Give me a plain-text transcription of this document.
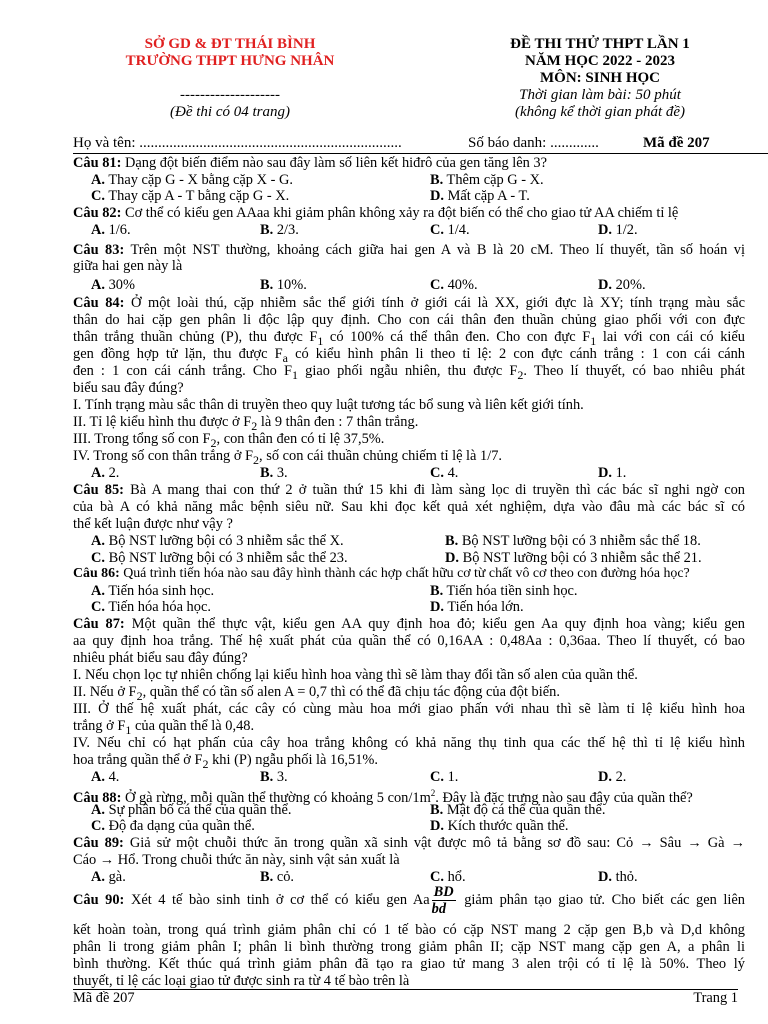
SỞ GD & ĐT THÁI BÌNH
TRƯỜNG THPT HƯNG NHÂN
--------------------
(Đề thi có 04 trang)
ĐỀ THI THỬ THPT LẦN 1
NĂM HỌC 2022 - 2023
MÔN: SINH HỌC
Thời gian làm bài: 50 phút
(không kể thời gian phát đề)
Họ và tên: ......................................................................	Số báo danh: .............	Mã đề 207
Câu 81: Dạng đột biến điểm nào sau đây làm số liên kết hiđrô của gen tăng lên 3?
A. Thay cặp G - X bằng cặp X - G.	B. Thêm cặp G - X.
C. Thay cặp A - T bằng cặp G - X.	D. Mất cặp A - T.
Câu 82: Cơ thể có kiểu gen AAaa khi giảm phân không xảy ra đột biến có thể cho giao tử AA chiếm tỉ lệ
A. 1/6.	B. 2/3.	C. 1/4.	D. 1/2.
Câu 83: Trên một NST thường, khoảng cách giữa hai gen A và B là 20 cM. Theo lí thuyết, tần số hoán vị
giữa hai gen này là
A. 30%	B. 10%.	C. 40%.	D. 20%.
Câu 84: Ở một loài thú, cặp nhiễm sắc thể giới tính ở giới cái là XX, giới đực là XY; tính trạng màu sắc
thân do hai cặp gen phân li độc lập quy định. Cho con cái thân đen thuần chủng giao phối với con đực
thân trắng thuần chủng (P), thu được $F_1$ có 100% cá thể thân đen. Cho con đực $F_1$ lai với con cái có kiểu
gen đồng hợp tử lặn, thu được $F_a$ có kiểu hình phân li theo tỉ lệ: 2 con đực cánh trắng : 1 con cái cánh
đen : 1 con cái cánh trắng. Cho $F_1$ giao phối ngẫu nhiên, thu được $F_2$. Theo lí thuyết, có bao nhiêu phát
biểu sau đây đúng?
I. Tính trạng màu sắc thân di truyền theo quy luật tương tác bổ sung và liên kết giới tính.
II. Tỉ lệ kiểu hình thu được ở $F_2$ là 9 thân đen : 7 thân trắng.
III. Trong tổng số con $F_2$, con thân đen có tỉ lệ 37,5%.
IV. Trong số con thân trắng ở $F_2$, số con cái thuần chủng chiếm tỉ lệ là 1/7.
A. 2.	B. 3.	C. 4.	D. 1.
Câu 85: Bà A mang thai con thứ 2 ở tuần thứ 15 khi đi làm sàng lọc di truyền thì các bác sĩ nghi ngờ con
của bà A có khả năng mắc bệnh siêu nữ. Sau khi đọc kết quả xét nghiệm, dựa vào đâu mà các bác sĩ có
thể kết luận được như vậy ?
A. Bộ NST lưỡng bội có 3 nhiễm sắc thể X.	B. Bộ NST lưỡng bội có 3 nhiễm sắc thể 18.
C. Bộ NST lưỡng bội có 3 nhiễm sắc thể 23.	D. Bộ NST lưỡng bội có 3 nhiễm sắc thể 21.
Câu 86: Quá trình tiến hóa nào sau đây hình thành các hợp chất hữu cơ từ chất vô cơ theo con đường hóa học?
A. Tiến hóa sinh học.	B. Tiến hóa tiền sinh học.
C. Tiến hóa hóa học.	D. Tiến hóa lớn.
Câu 87: Một quần thể thực vật, kiểu gen AA quy định hoa đỏ; kiểu gen Aa quy định hoa vàng; kiểu gen
aa quy định hoa trắng. Thế hệ xuất phát của quần thể có 0,16AA : 0,48Aa : 0,36aa. Theo lí thuyết, có bao
nhiêu phát biểu sau đây đúng?
I. Nếu chọn lọc tự nhiên chống lại kiểu hình hoa vàng thì sẽ làm thay đổi tần số alen của quần thể.
II. Nếu ở $F_2$, quần thể có tần số alen A = 0,7 thì có thể đã chịu tác động của đột biến.
III. Ở thế hệ xuất phát, các cây có cùng màu hoa mới giao phấn với nhau thì sẽ làm tỉ lệ kiểu hình hoa
trắng ở $F_1$ của quần thể là 0,48.
IV. Nếu chỉ có hạt phấn của cây hoa trắng không có khả năng thụ tinh qua các thế hệ thì tỉ lệ kiểu hình
hoa trắng quần thể ở $F_2$ khi (P) ngẫu phối là 16,51%.
A. 4.	B. 3.	C. 1.	D. 2.
Câu 88: Ở gà rừng, mỗi quần thể thường có khoảng 5 con/$1m^2$. Đây là đặc trưng nào sau đây của quần thể?
A. Sự phân bố cá thể của quần thể.	B. Mật độ cá thể của quần thể.
C. Độ đa dạng của quần thể.	D. Kích thước quần thể.
Câu 89: Giả sử một chuỗi thức ăn trong quần xã sinh vật được mô tả bằng sơ đồ sau: Cỏ → Sâu → Gà →
Cáo → Hổ. Trong chuỗi thức ăn này, sinh vật sản xuất là
A. gà.	B. cỏ.	C. hổ.	D. thỏ.
Câu 90: Xét 4 tế bào sinh tinh ở cơ thể có kiểu gen Aa $\frac{BD}{bd}$ giảm phân tạo giao tử. Cho biết các gen liên
kết hoàn toàn, trong quá trình giảm phân chỉ có 1 tế bào có cặp NST mang 2 cặp gen B,b và D,d không
phân li trong giảm phân I; phân li bình thường trong giảm phân II; cặp NST mang cặp gen A, a phân li
bình thường. Kết thúc quá trình giảm phân đã tạo ra giao tử mang 3 alen trội có tỉ lệ là 50%. Theo lý
thuyết, tỉ lệ các loại giao tử được sinh ra từ 4 tế bào trên là
Mã đề 207	Trang 1
